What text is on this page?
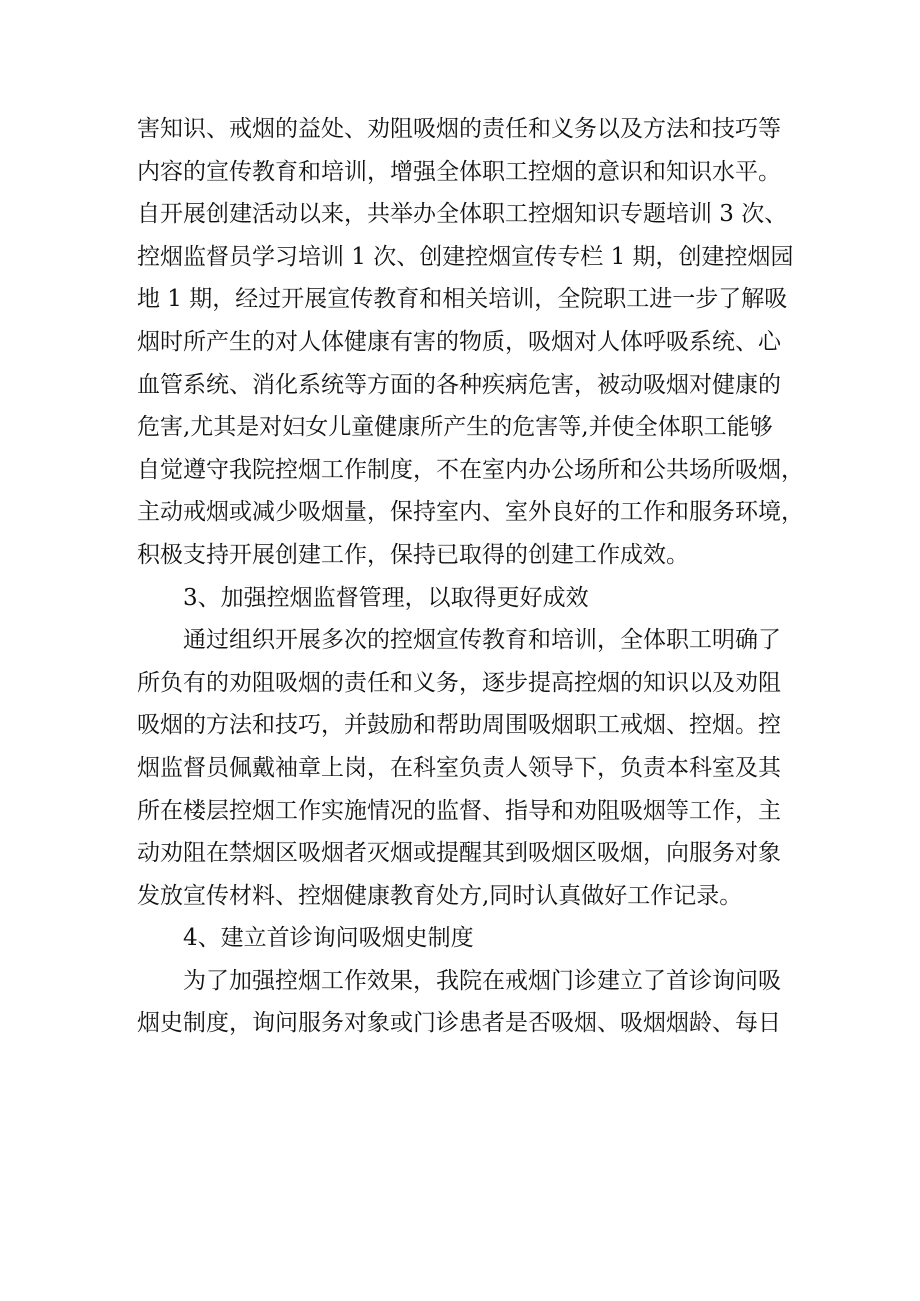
害知识、戒烟的益处、劝阻吸烟的责任和义务以及方法和技巧等
内容的宣传教育和培训，增强全体职工控烟的意识和知识水平。
自开展创建活动以来，共举办全体职工控烟知识专题培训 3 次、
控烟监督员学习培训 1 次、创建控烟宣传专栏 1 期，创建控烟园
地 1 期，经过开展宣传教育和相关培训，全院职工进一步了解吸
烟时所产生的对人体健康有害的物质，吸烟对人体呼吸系统、心
血管系统、消化系统等方面的各种疾病危害，被动吸烟对健康的
危害,尤其是对妇女儿童健康所产生的危害等,并使全体职工能够
自觉遵守我院控烟工作制度，不在室内办公场所和公共场所吸烟，
主动戒烟或减少吸烟量，保持室内、室外良好的工作和服务环境，
积极支持开展创建工作，保持已取得的创建工作成效。
3、加强控烟监督管理，以取得更好成效
通过组织开展多次的控烟宣传教育和培训，全体职工明确了
所负有的劝阻吸烟的责任和义务，逐步提高控烟的知识以及劝阻
吸烟的方法和技巧，并鼓励和帮助周围吸烟职工戒烟、控烟。控
烟监督员佩戴袖章上岗，在科室负责人领导下，负责本科室及其
所在楼层控烟工作实施情况的监督、指导和劝阻吸烟等工作，主
动劝阻在禁烟区吸烟者灭烟或提醒其到吸烟区吸烟，向服务对象
发放宣传材料、控烟健康教育处方,同时认真做好工作记录。
4、建立首诊询问吸烟史制度
为了加强控烟工作效果，我院在戒烟门诊建立了首诊询问吸
烟史制度，询问服务对象或门诊患者是否吸烟、吸烟烟龄、每日
